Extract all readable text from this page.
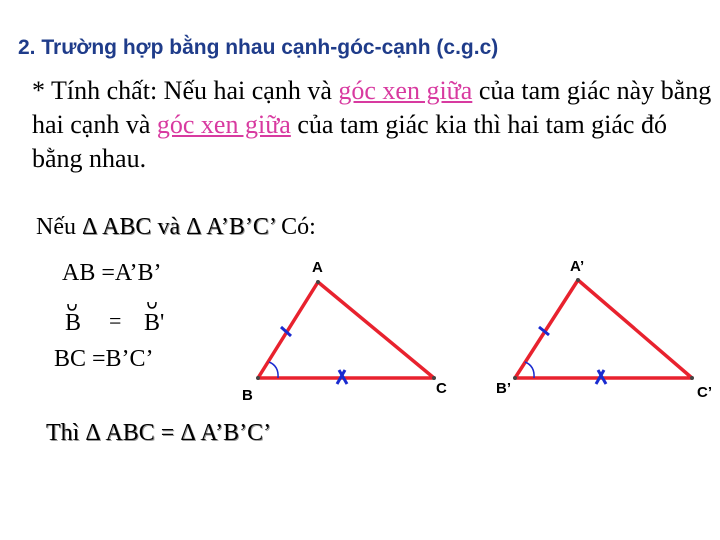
2. Trường hợp bằng nhau cạnh-góc-cạnh (c.g.c)
* Tính chất: Nếu hai cạnh và góc xen giữa của tam giác này bằng hai cạnh và góc xen giữa của tam giác kia thì hai tam giác đó bằng nhau.
Nếu Δ ABC và Δ A’B’C’ Có:
AB =A’B’
B = B'
BC =B’C’
Thì Δ ABC = Δ A’B’C’
A
B	C
A’
B’	C’
